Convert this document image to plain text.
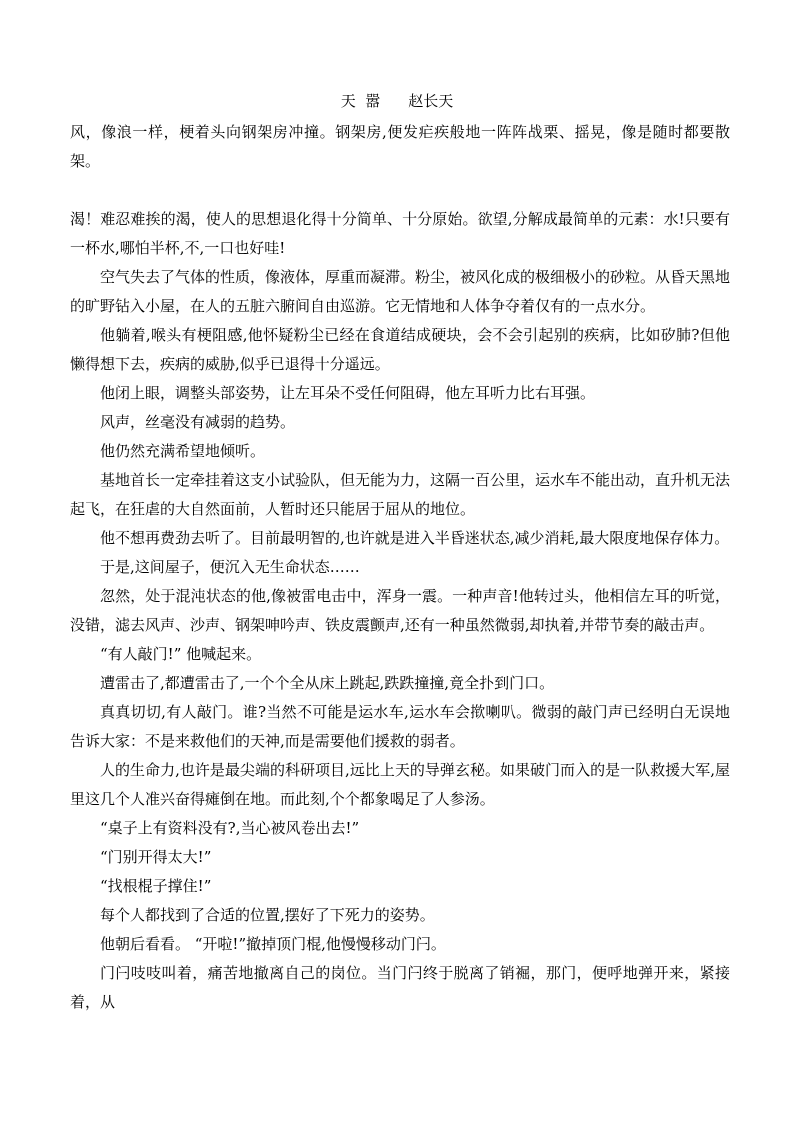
天  嚣 赵长天

风，像浪一样，梗着头向钢架房冲撞。钢架房,便发疟疾般地一阵阵战栗、摇晃，像是随时都要散架。

渴！难忍难挨的渴，使人的思想退化得十分简单、十分原始。欲望,分解成最简单的元素：水!只要有一杯水,哪怕半杯,不,一口也好哇!

空气失去了气体的性质，像液体，厚重而凝滞。粉尘，被风化成的极细极小的砂粒。从昏天黑地的旷野钻入小屋，在人的五脏六腑间自由巡游。它无情地和人体争夺着仅有的一点水分。

他躺着,喉头有梗阻感,他怀疑粉尘已经在食道结成硬块，会不会引起别的疾病，比如矽肺?但他懒得想下去，疾病的威胁,似乎已退得十分遥远。

他闭上眼，调整头部姿势，让左耳朵不受任何阻碍，他左耳听力比右耳强。

风声，丝毫没有减弱的趋势。

他仍然充满希望地倾听。

基地首长一定牵挂着这支小试验队，但无能为力，这隔一百公里，运水车不能出动，直升机无法起飞，在狂虐的大自然面前，人暂时还只能居于屈从的地位。

他不想再费劲去听了。目前最明智的,也许就是进入半昏迷状态,减少消耗,最大限度地保存体力。

于是,这间屋子，便沉入无生命状态……

忽然，处于混沌状态的他,像被雷电击中，浑身一震。一种声音!他转过头，他相信左耳的听觉，没错，滤去风声、沙声、钢架呻吟声、铁皮震颤声,还有一种虽然微弱,却执着,并带节奏的敲击声。

“有人敲门!” 他喊起来。

遭雷击了,都遭雷击了,一个个全从床上跳起,跌跌撞撞,竟全扑到门口。

真真切切,有人敲门。谁?当然不可能是运水车,运水车会揿喇叭。微弱的敲门声已经明白无误地告诉大家：不是来救他们的天神,而是需要他们援救的弱者。

人的生命力,也许是最尖端的科研项目,远比上天的导弹玄秘。如果破门而入的是一队救援大军,屋里这几个人准兴奋得瘫倒在地。而此刻,个个都象喝足了人参汤。

“桌子上有资料没有?,当心被风卷出去!”

“门别开得太大!”

“找根棍子撑住!”

每个人都找到了合适的位置,摆好了下死力的姿势。

他朝后看看。 “开啦!”撤掉顶门棍,他慢慢移动门闩。

门闩吱吱叫着，痛苦地撤离自己的岗位。当门闩终于脱离了销䘿，那门，便呼地弹开来，紧接着，从
